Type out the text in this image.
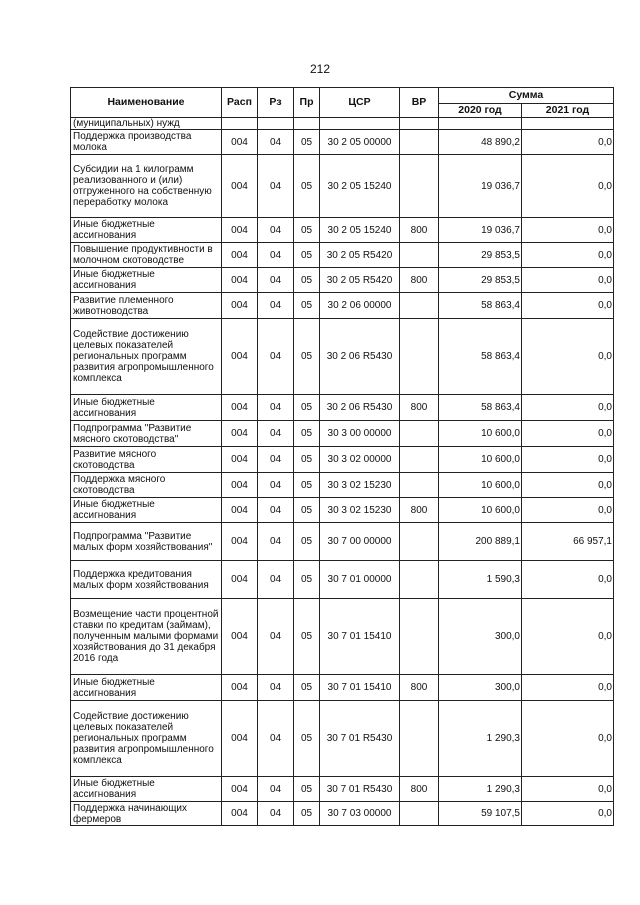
212
Наименование	Расп	Рз	Пр	ЦСР	ВР	Сумма	
						2020 год	2021 год
(муниципальных) нужд							
Поддержка производства молока	004	04	05	30 2 05 00000		48 890,2	0,0
Субсидии на 1 килограмм реализованного и (или) отгруженного на собственную переработку молока	004	04	05	30 2 05 15240		19 036,7	0,0
Иные бюджетные ассигнования	004	04	05	30 2 05 15240	800	19 036,7	0,0
Повышение продуктивности в молочном скотоводстве	004	04	05	30 2 05 R5420		29 853,5	0,0
Иные бюджетные ассигнования	004	04	05	30 2 05 R5420	800	29 853,5	0,0
Развитие племенного животноводства	004	04	05	30 2 06 00000		58 863,4	0,0
Содействие достижению целевых показателей региональных программ развития агропромышленного комплекса	004	04	05	30 2 06 R5430		58 863,4	0,0
Иные бюджетные ассигнования	004	04	05	30 2 06 R5430	800	58 863,4	0,0
Подпрограмма "Развитие мясного скотоводства"	004	04	05	30 3 00 00000		10 600,0	0,0
Развитие мясного скотоводства	004	04	05	30 3 02 00000		10 600,0	0,0
Поддержка мясного скотоводства	004	04	05	30 3 02 15230		10 600,0	0,0
Иные бюджетные ассигнования	004	04	05	30 3 02 15230	800	10 600,0	0,0
Подпрограмма "Развитие малых форм хозяйствования"	004	04	05	30 7 00 00000		200 889,1	66 957,1
Поддержка кредитования малых форм хозяйствования	004	04	05	30 7 01 00000		1 590,3	0,0
Возмещение части процентной ставки по кредитам (займам), полученным малыми формами хозяйствования до 31 декабря 2016 года	004	04	05	30 7 01 15410		300,0	0,0
Иные бюджетные ассигнования	004	04	05	30 7 01 15410	800	300,0	0,0
Содействие достижению целевых показателей региональных программ развития агропромышленного комплекса	004	04	05	30 7 01 R5430		1 290,3	0,0
Иные бюджетные ассигнования	004	04	05	30 7 01 R5430	800	1 290,3	0,0
Поддержка начинающих фермеров	004	04	05	30 7 03 00000		59 107,5	0,0
